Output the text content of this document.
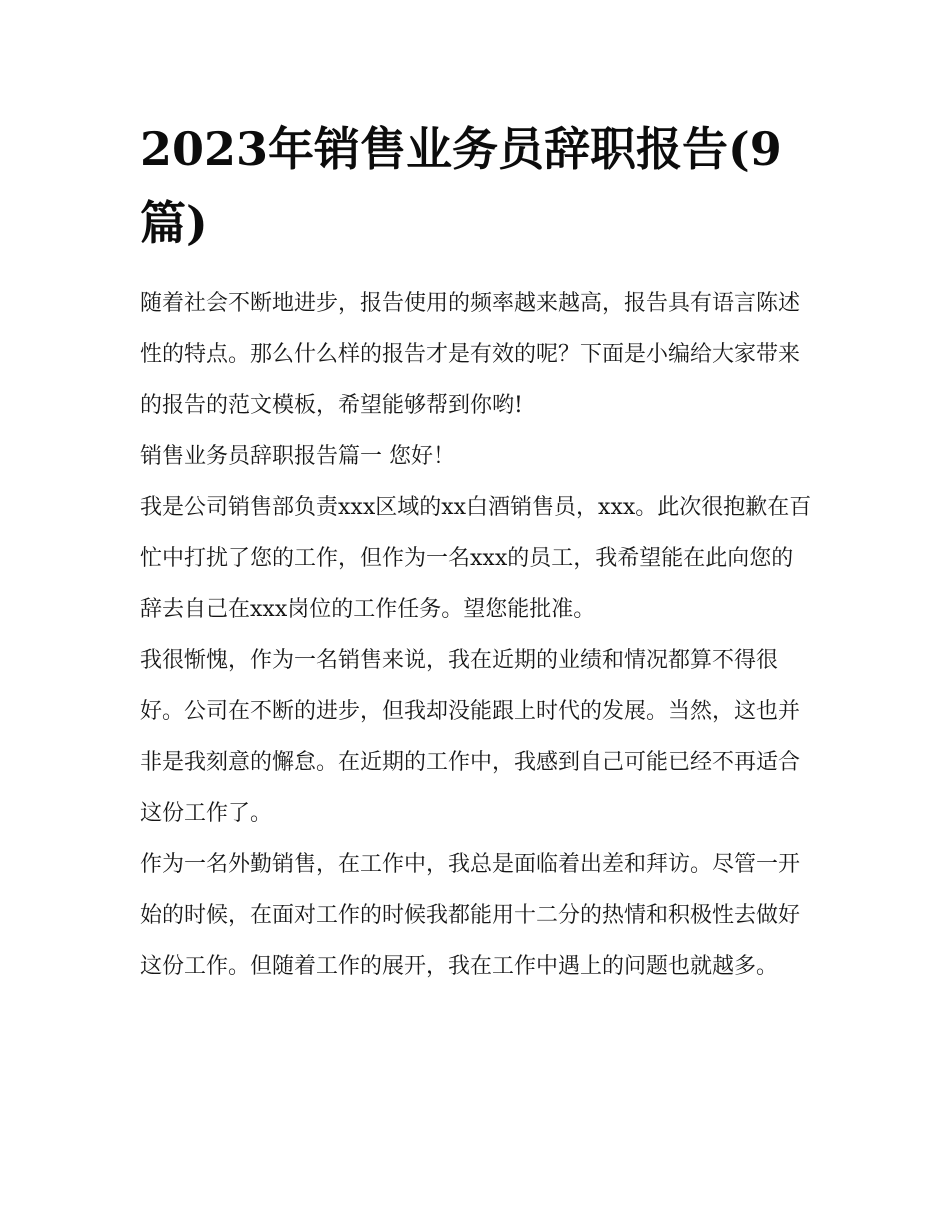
2023年销售业务员辞职报告(9篇)

随着社会不断地进步，报告使用的频率越来越高，报告具有语言陈述性的特点。那么什么样的报告才是有效的呢？下面是小编给大家带来的报告的范文模板，希望能够帮到你哟!

销售业务员辞职报告篇一 您好！

我是公司销售部负责xxx区域的xx白酒销售员，xxx。此次很抱歉在百忙中打扰了您的工作，但作为一名xxx的员工，我希望能在此向您的辞去自己在xxx岗位的工作任务。望您能批准。

我很惭愧，作为一名销售来说，我在近期的业绩和情况都算不得很好。公司在不断的进步，但我却没能跟上时代的发展。当然，这也并非是我刻意的懈怠。在近期的工作中，我感到自己可能已经不再适合这份工作了。

作为一名外勤销售，在工作中，我总是面临着出差和拜访。尽管一开始的时候，在面对工作的时候我都能用十二分的热情和积极性去做好这份工作。但随着工作的展开，我在工作中遇上的问题也就越多。
